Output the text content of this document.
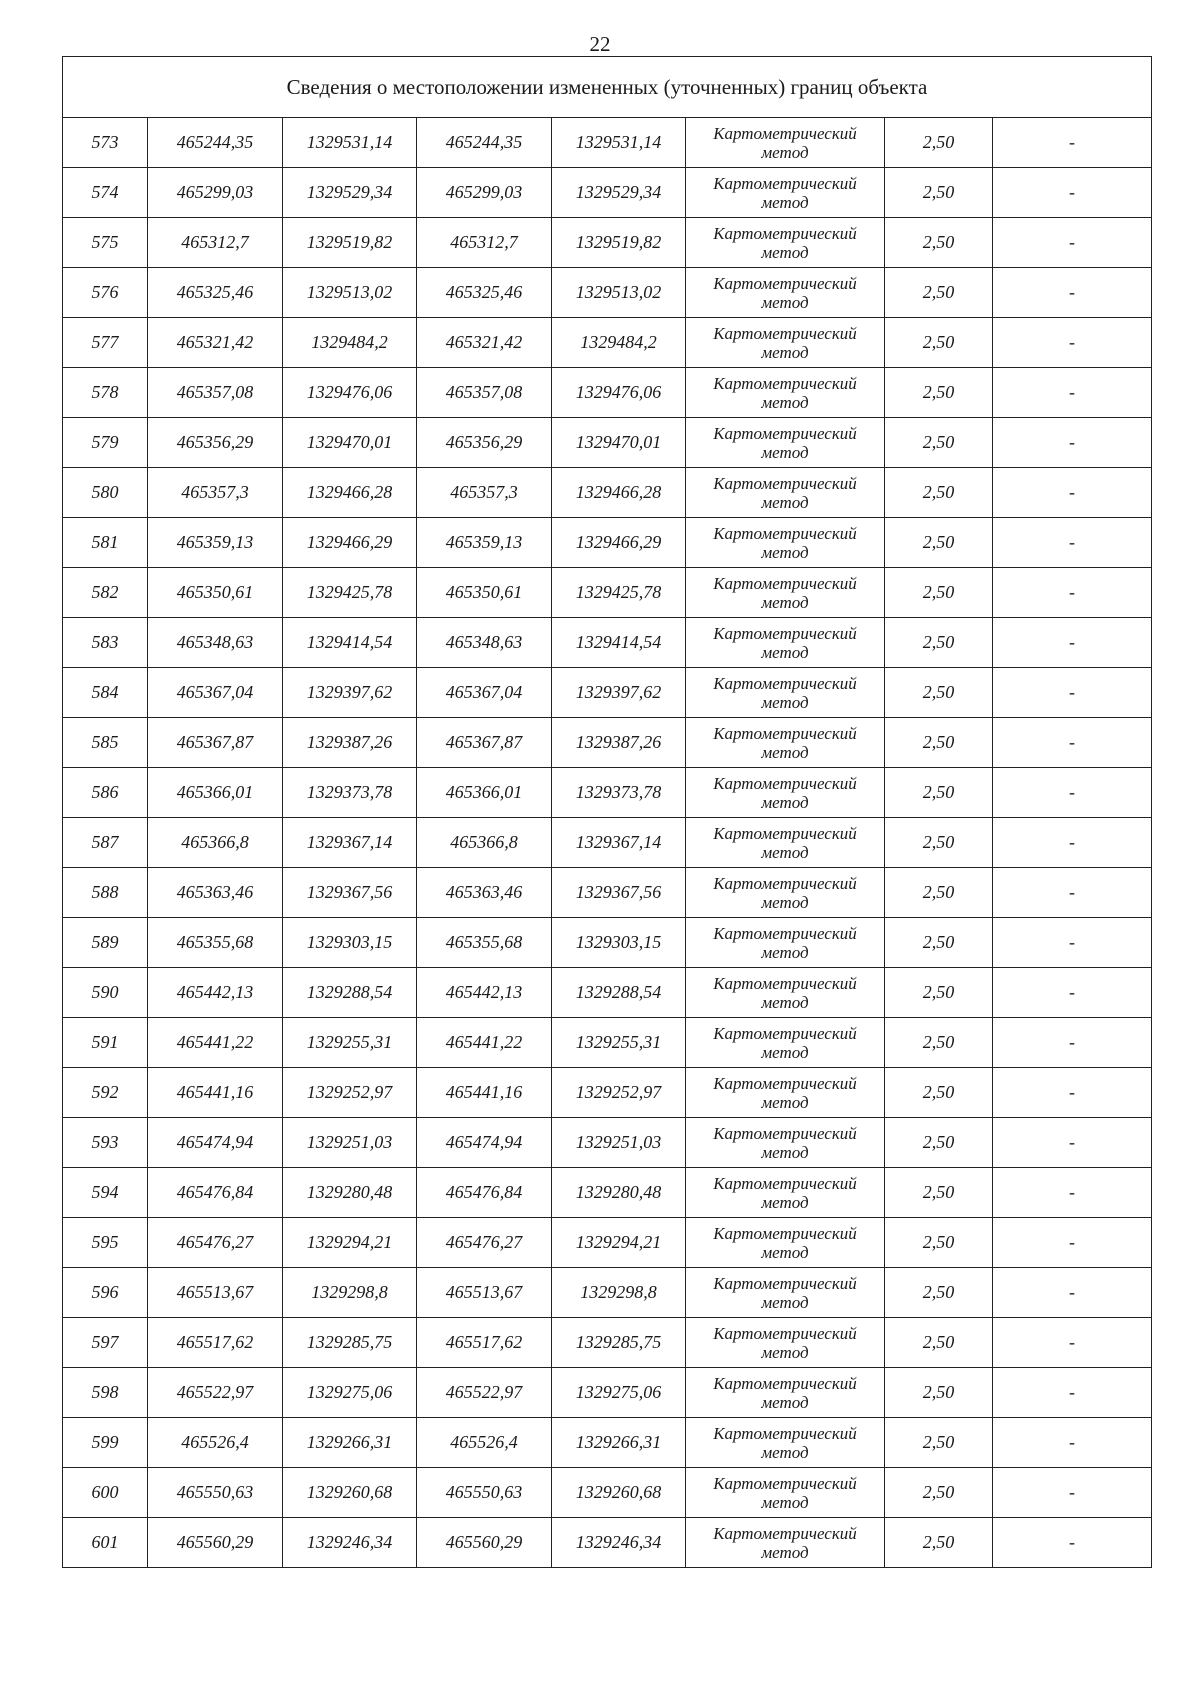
22
Сведения о местоположении измененных (уточненных) границ объекта							
573	465244,35	1329531,14	465244,35	1329531,14	Картометрический
метод	2,50	-
574	465299,03	1329529,34	465299,03	1329529,34	Картометрический
метод	2,50	-
575	465312,7	1329519,82	465312,7	1329519,82	Картометрический
метод	2,50	-
576	465325,46	1329513,02	465325,46	1329513,02	Картометрический
метод	2,50	-
577	465321,42	1329484,2	465321,42	1329484,2	Картометрический
метод	2,50	-
578	465357,08	1329476,06	465357,08	1329476,06	Картометрический
метод	2,50	-
579	465356,29	1329470,01	465356,29	1329470,01	Картометрический
метод	2,50	-
580	465357,3	1329466,28	465357,3	1329466,28	Картометрический
метод	2,50	-
581	465359,13	1329466,29	465359,13	1329466,29	Картометрический
метод	2,50	-
582	465350,61	1329425,78	465350,61	1329425,78	Картометрический
метод	2,50	-
583	465348,63	1329414,54	465348,63	1329414,54	Картометрический
метод	2,50	-
584	465367,04	1329397,62	465367,04	1329397,62	Картометрический
метод	2,50	-
585	465367,87	1329387,26	465367,87	1329387,26	Картометрический
метод	2,50	-
586	465366,01	1329373,78	465366,01	1329373,78	Картометрический
метод	2,50	-
587	465366,8	1329367,14	465366,8	1329367,14	Картометрический
метод	2,50	-
588	465363,46	1329367,56	465363,46	1329367,56	Картометрический
метод	2,50	-
589	465355,68	1329303,15	465355,68	1329303,15	Картометрический
метод	2,50	-
590	465442,13	1329288,54	465442,13	1329288,54	Картометрический
метод	2,50	-
591	465441,22	1329255,31	465441,22	1329255,31	Картометрический
метод	2,50	-
592	465441,16	1329252,97	465441,16	1329252,97	Картометрический
метод	2,50	-
593	465474,94	1329251,03	465474,94	1329251,03	Картометрический
метод	2,50	-
594	465476,84	1329280,48	465476,84	1329280,48	Картометрический
метод	2,50	-
595	465476,27	1329294,21	465476,27	1329294,21	Картометрический
метод	2,50	-
596	465513,67	1329298,8	465513,67	1329298,8	Картометрический
метод	2,50	-
597	465517,62	1329285,75	465517,62	1329285,75	Картометрический
метод	2,50	-
598	465522,97	1329275,06	465522,97	1329275,06	Картометрический
метод	2,50	-
599	465526,4	1329266,31	465526,4	1329266,31	Картометрический
метод	2,50	-
600	465550,63	1329260,68	465550,63	1329260,68	Картометрический
метод	2,50	-
601	465560,29	1329246,34	465560,29	1329246,34	Картометрический
метод	2,50	-
